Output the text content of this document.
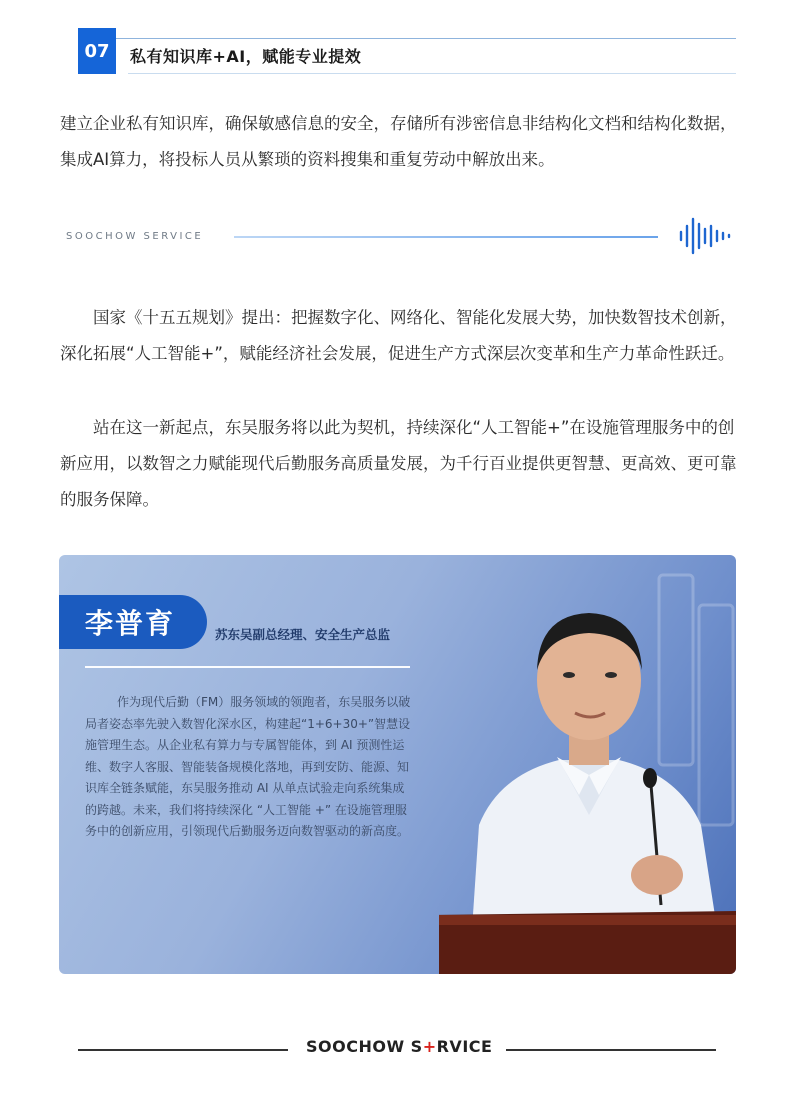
07	私有知识库+AI，赋能专业提效

建立企业私有知识库，确保敏感信息的安全，存储所有涉密信息非结构化文档和结构化数据，集成AI算力，将投标人员从繁琐的资料搜集和重复劳动中解放出来。

SOOCHOW SERVICE

国家《十五五规划》提出：把握数字化、网络化、智能化发展大势，加快数智技术创新，深化拓展“人工智能+”，赋能经济社会发展，促进生产方式深层次变革和生产力革命性跃迁。

站在这一新起点，东吴服务将以此为契机，持续深化“人工智能+”在设施管理服务中的创新应用，以数智之力赋能现代后勤服务高质量发展，为千行百业提供更智慧、更高效、更可靠的服务保障。

李普育	苏东吴副总经理、安全生产总监

作为现代后勤（FM）服务领域的领跑者，东吴服务以破局者姿态率先驶入数智化深水区，构建起“1+6+30+”智慧设施管理生态。从企业私有算力与专属智能体，到 AI 预测性运维、数字人客服、智能装备规模化落地，再到安防、能源、知识库全链条赋能，东吴服务推动 AI 从单点试验走向系统集成的跨越。未来，我们将持续深化 “人工智能 +” 在设施管理服务中的创新应用，引领现代后勤服务迈向数智驱动的新高度。

SOOCHOW S+RVICE
